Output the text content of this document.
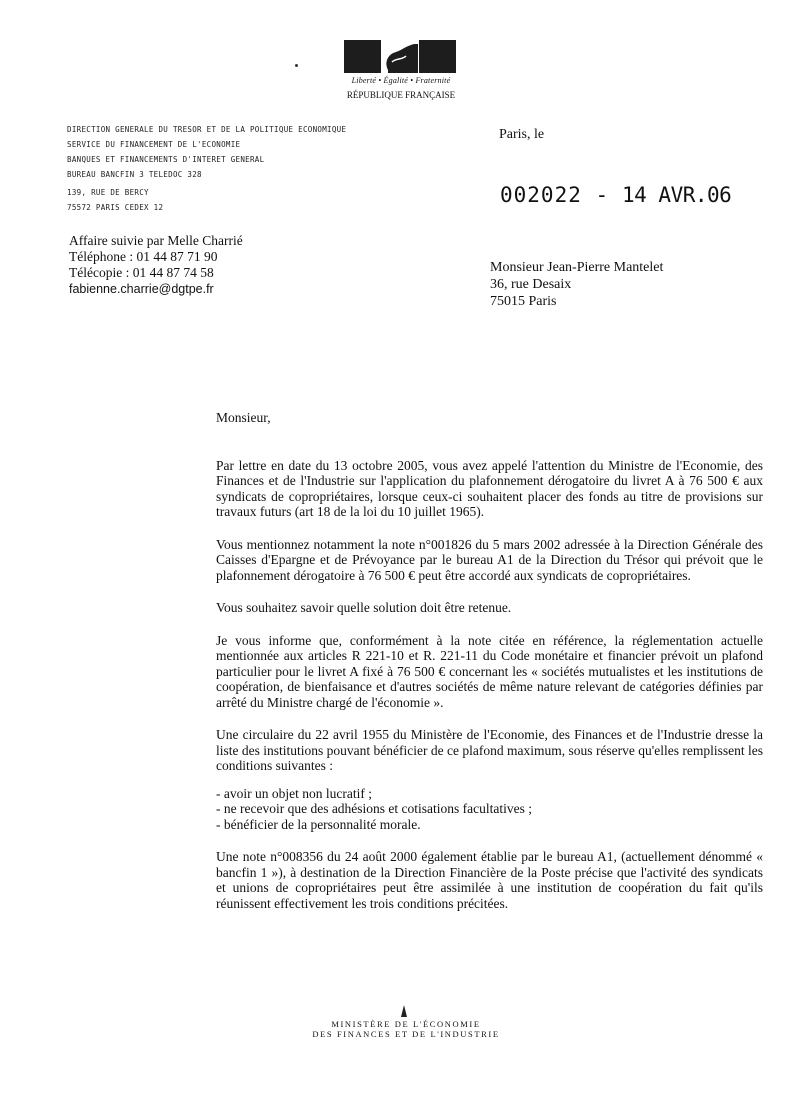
Liberté • Égalité • Fraternité
RÉPUBLIQUE FRANÇAISE
DIRECTION GENERALE DU TRESOR ET DE LA POLITIQUE ECONOMIQUE
SERVICE DU FINANCEMENT DE L'ECONOMIE
BANQUES ET FINANCEMENTS D'INTERET GENERAL
BUREAU BANCFIN 3 TELEDOC 328
139, RUE DE BERCY
75572 PARIS CEDEX 12
Paris, le
002022 - 14 AVR.06
Affaire suivie par Melle Charrié
Téléphone : 01 44 87 71 90
Télécopie : 01 44 87 74 58
fabienne.charrie@dgtpe.fr
Monsieur Jean-Pierre Mantelet
36, rue Desaix
75015 Paris

Monsieur,

Par lettre en date du 13 octobre 2005, vous avez appelé l'attention du Ministre de l'Economie, des Finances et de l'Industrie sur l'application du plafonnement dérogatoire du livret A à 76 500 € aux syndicats de copropriétaires, lorsque ceux-ci souhaitent placer des fonds au titre de provisions sur travaux futurs (art 18 de la loi du 10 juillet 1965).

Vous mentionnez notamment la note n°001826 du 5 mars 2002 adressée à la Direction Générale des Caisses d'Epargne et de Prévoyance par le bureau A1 de la Direction du Trésor qui prévoit que le plafonnement dérogatoire à 76 500 € peut être accordé aux syndicats de copropriétaires.

Vous souhaitez savoir quelle solution doit être retenue.

Je vous informe que, conformément à la note citée en référence, la réglementation actuelle mentionnée aux articles R 221-10 et R. 221-11 du Code monétaire et financier prévoit un plafond particulier pour le livret A fixé à 76 500 € concernant les « sociétés mutualistes et les institutions de coopération, de bienfaisance et d'autres sociétés de même nature relevant de catégories définies par arrêté du Ministre chargé de l'économie ».

Une circulaire du 22 avril 1955 du Ministère de l'Economie, des Finances et de l'Industrie dresse la liste des institutions pouvant bénéficier de ce plafond maximum, sous réserve qu'elles remplissent les conditions suivantes :

- avoir un objet non lucratif ;
- ne recevoir que des adhésions et cotisations facultatives ;
- bénéficier de la personnalité morale.

Une note n°008356 du 24 août 2000 également établie par le bureau A1, (actuellement dénommé « bancfin 1 »), à destination de la Direction Financière de la Poste précise que l'activité des syndicats et unions de copropriétaires peut être assimilée à une institution de coopération du fait qu'ils réunissent effectivement les trois conditions précitées.

MINISTÈRE DE L'ÉCONOMIE
DES FINANCES ET DE L'INDUSTRIE
